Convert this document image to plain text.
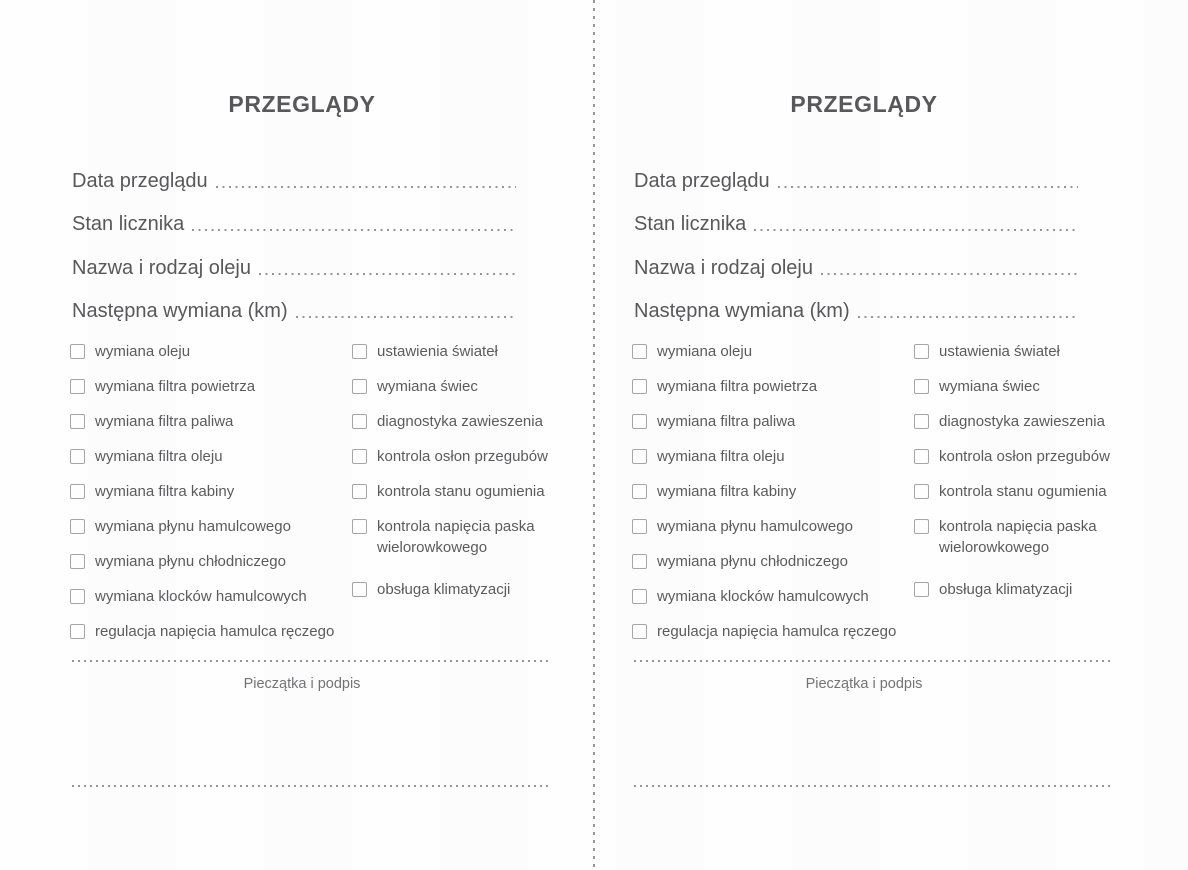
PRZEGLĄDY
Data przeglądu
Stan licznika
Nazwa i rodzaj oleju
Następna wymiana (km)
wymiana oleju
wymiana filtra powietrza
wymiana filtra paliwa
wymiana filtra oleju
wymiana filtra kabiny
wymiana płynu hamulcowego
wymiana płynu chłodniczego
wymiana klocków hamulcowych
regulacja napięcia hamulca ręczego
ustawienia świateł
wymiana świec
diagnostyka zawieszenia
kontrola osłon przegubów
kontrola stanu ogumienia
kontrola napięcia paska wielorowkowego
obsługa klimatyzacji
Pieczątka i podpis
PRZEGLĄDY
Data przeglądu
Stan licznika
Nazwa i rodzaj oleju
Następna wymiana (km)
wymiana oleju
wymiana filtra powietrza
wymiana filtra paliwa
wymiana filtra oleju
wymiana filtra kabiny
wymiana płynu hamulcowego
wymiana płynu chłodniczego
wymiana klocków hamulcowych
regulacja napięcia hamulca ręczego
ustawienia świateł
wymiana świec
diagnostyka zawieszenia
kontrola osłon przegubów
kontrola stanu ogumienia
kontrola napięcia paska wielorowkowego
obsługa klimatyzacji
Pieczątka i podpis
